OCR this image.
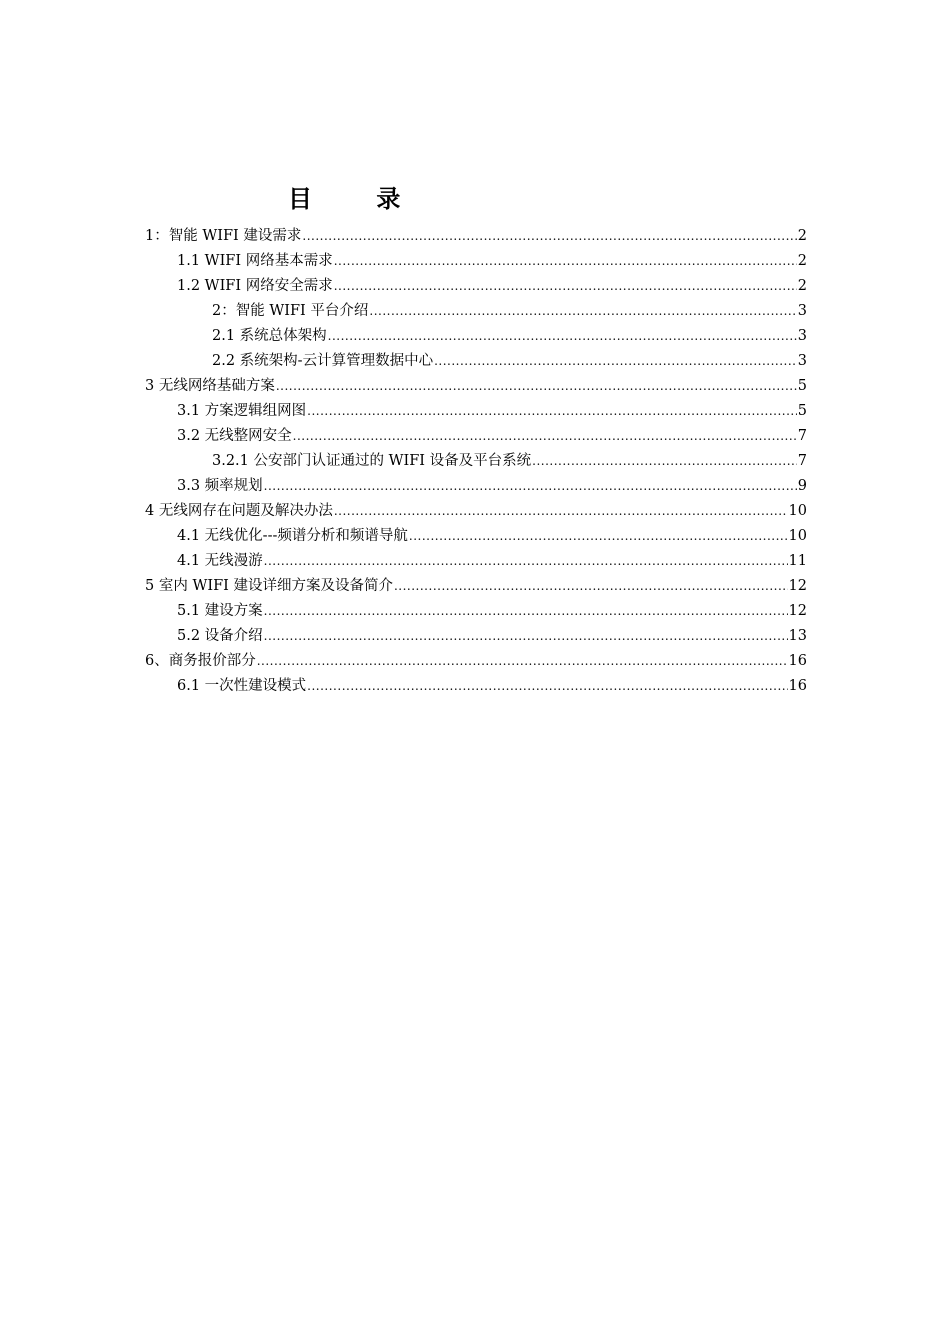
目 录
1：智能 WIFI 建设需求 .....	2
1.1 WIFI 网络基本需求 .....	2
1.2 WIFI 网络安全需求 .....	2
2：智能 WIFI 平台介绍 .....	3
2.1 系统总体架构 .....	3
2.2 系统架构-云计算管理数据中心 .....	3
3 无线网络基础方案 .....	5
3.1 方案逻辑组网图 .....	5
3.2 无线整网安全 .....	7
3.2.1 公安部门认证通过的 WIFI 设备及平台系统 .....	7
3.3 频率规划 .....	9
4 无线网存在问题及解决办法 .....	10
4.1 无线优化---频谱分析和频谱导航 .....	10
4.1 无线漫游 .....	11
5 室内 WIFI 建设详细方案及设备简介 .....	12
5.1 建设方案 .....	12
5.2 设备介绍 .....	13
6、商务报价部分 .....	16
6.1 一次性建设模式 .....	16
